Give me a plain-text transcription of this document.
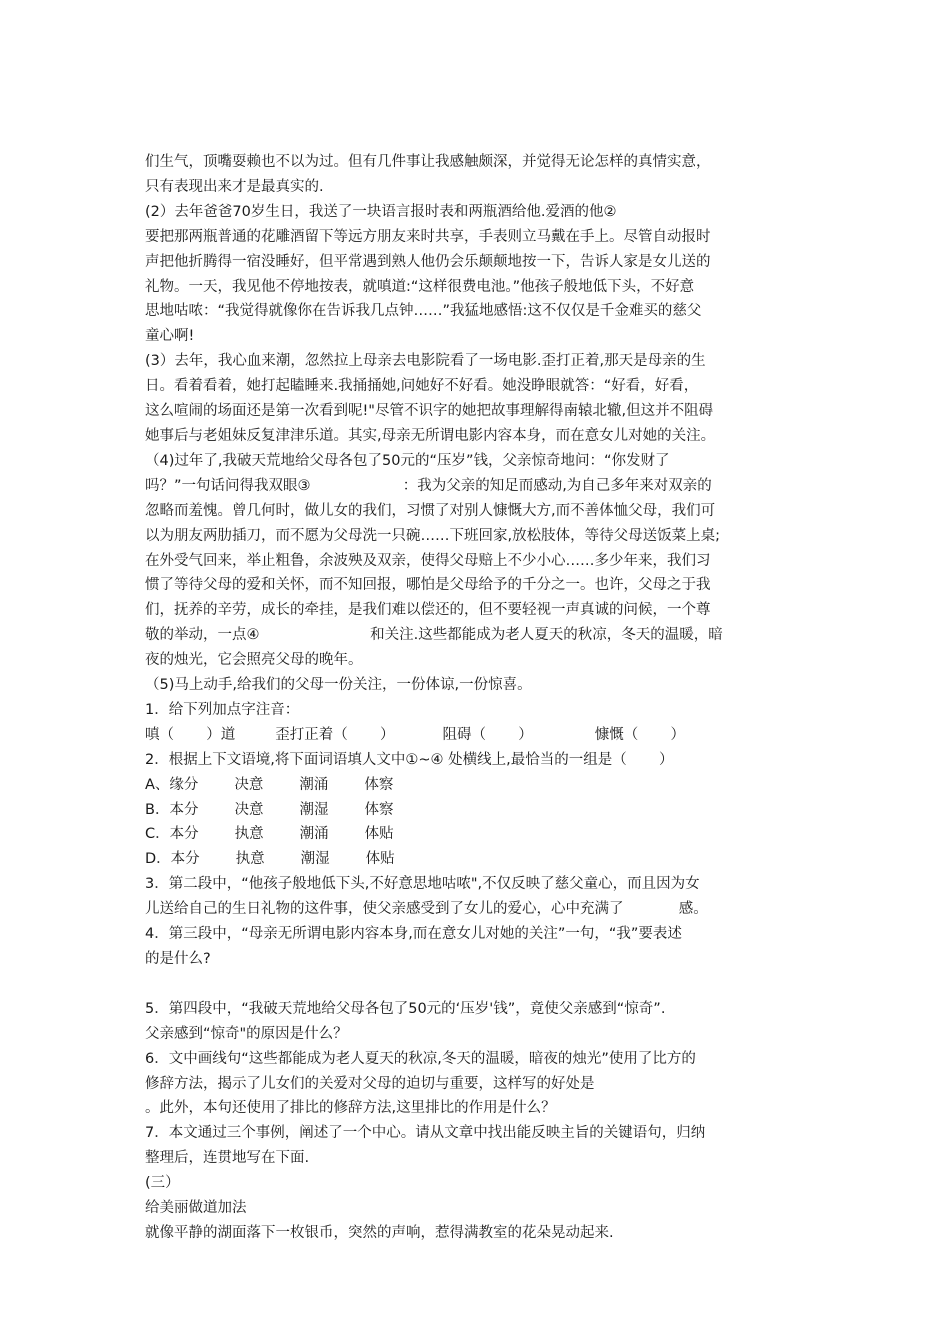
们生气，顶嘴耍赖也不以为过。但有几件事让我感触颇深，并觉得无论怎样的真情实意，
只有表现出来才是最真实的.
(2）去年爸爸70岁生日，我送了一块语言报时表和两瓶酒给他.爱酒的他②
要把那两瓶普通的花雕酒留下等远方朋友来时共享，手表则立马戴在手上。尽管自动报时
声把他折腾得一宿没睡好，但平常遇到熟人他仍会乐颠颠地按一下，告诉人家是女儿送的
礼物。一天，我见他不停地按表，就嗔道:“这样很费电池。”他孩子般地低下头，不好意
思地咕哝：“我觉得就像你在告诉我几点钟……”我猛地感悟:这不仅仅是千金难买的慈父
童心啊!
(3）去年，我心血来潮，忽然拉上母亲去电影院看了一场电影.歪打正着,那天是母亲的生
日。看着看着，她打起瞌睡来.我捅捅她,问她好不好看。她没睁眼就答：“好看，好看，
这么喧闹的场面还是第一次看到呢!"尽管不识字的她把故事理解得南辕北辙,但这并不阻碍
她事后与老姐妹反复津津乐道。其实,母亲无所谓电影内容本身，而在意女儿对她的关注。
（4)过年了,我破天荒地给父母各包了50元的“压岁”钱，父亲惊奇地问：“你发财了
吗？”一句话问得我双眼③                    ：我为父亲的知足而感动,为自己多年来对双亲的
忽略而羞愧。曾几何时，做儿女的我们，习惯了对别人慷慨大方,而不善体恤父母，我们可
以为朋友两肋插刀，而不愿为父母洗一只碗……下班回家,放松肢体，等待父母送饭菜上桌;
在外受气回来，举止粗鲁，余波殃及双亲，使得父母赔上不少小心……多少年来，我们习
惯了等待父母的爱和关怀，而不知回报，哪怕是父母给予的千分之一。也许，父母之于我
们，抚养的辛劳，成长的牵挂，是我们难以偿还的，但不要轻视一声真诚的问候，一个尊
敬的举动，一点④                        和关注.这些都能成为老人夏天的秋凉，冬天的温暖，暗
夜的烛光，它会照亮父母的晚年。
（5)马上动手,给我们的父母一份关注，一份体谅,一份惊喜。
1．给下列加点字注音：
嗔（       ）道	歪打正着（       ）	阻碍（       ）	慷慨（       ）
2．根据上下文语境,将下面词语填人文中①~④ 处横线上,最恰当的一组是（       ）
A、缘分 决意 潮涌 体察
B．本分 决意 潮湿 体察
C．本分 执意 潮涌 体贴
D．本分 执意 潮湿 体贴
3．第二段中，“他孩子般地低下头,不好意思地咕哝",不仅反映了慈父童心，而且因为女
儿送给自己的生日礼物的这件事，使父亲感受到了女儿的爱心，心中充满了            感。
4．第三段中，“母亲无所谓电影内容本身,而在意女儿对她的关注”一句，“我”要表述
的是什么?
5．第四段中，“我破天荒地给父母各包了50元的‘压岁'钱”，竟使父亲感到“惊奇”.
父亲感到“惊奇"的原因是什么？
6．文中画线句“这些都能成为老人夏天的秋凉,冬天的温暖，暗夜的烛光”使用了比方的
修辞方法，揭示了儿女们的关爱对父母的迫切与重要，这样写的好处是
。此外，本句还使用了排比的修辞方法,这里排比的作用是什么？
7．本文通过三个事例，阐述了一个中心。请从文章中找出能反映主旨的关键语句，归纳
整理后，连贯地写在下面.
(三）
给美丽做道加法
就像平静的湖面落下一枚银币，突然的声响，惹得满教室的花朵晃动起来.
